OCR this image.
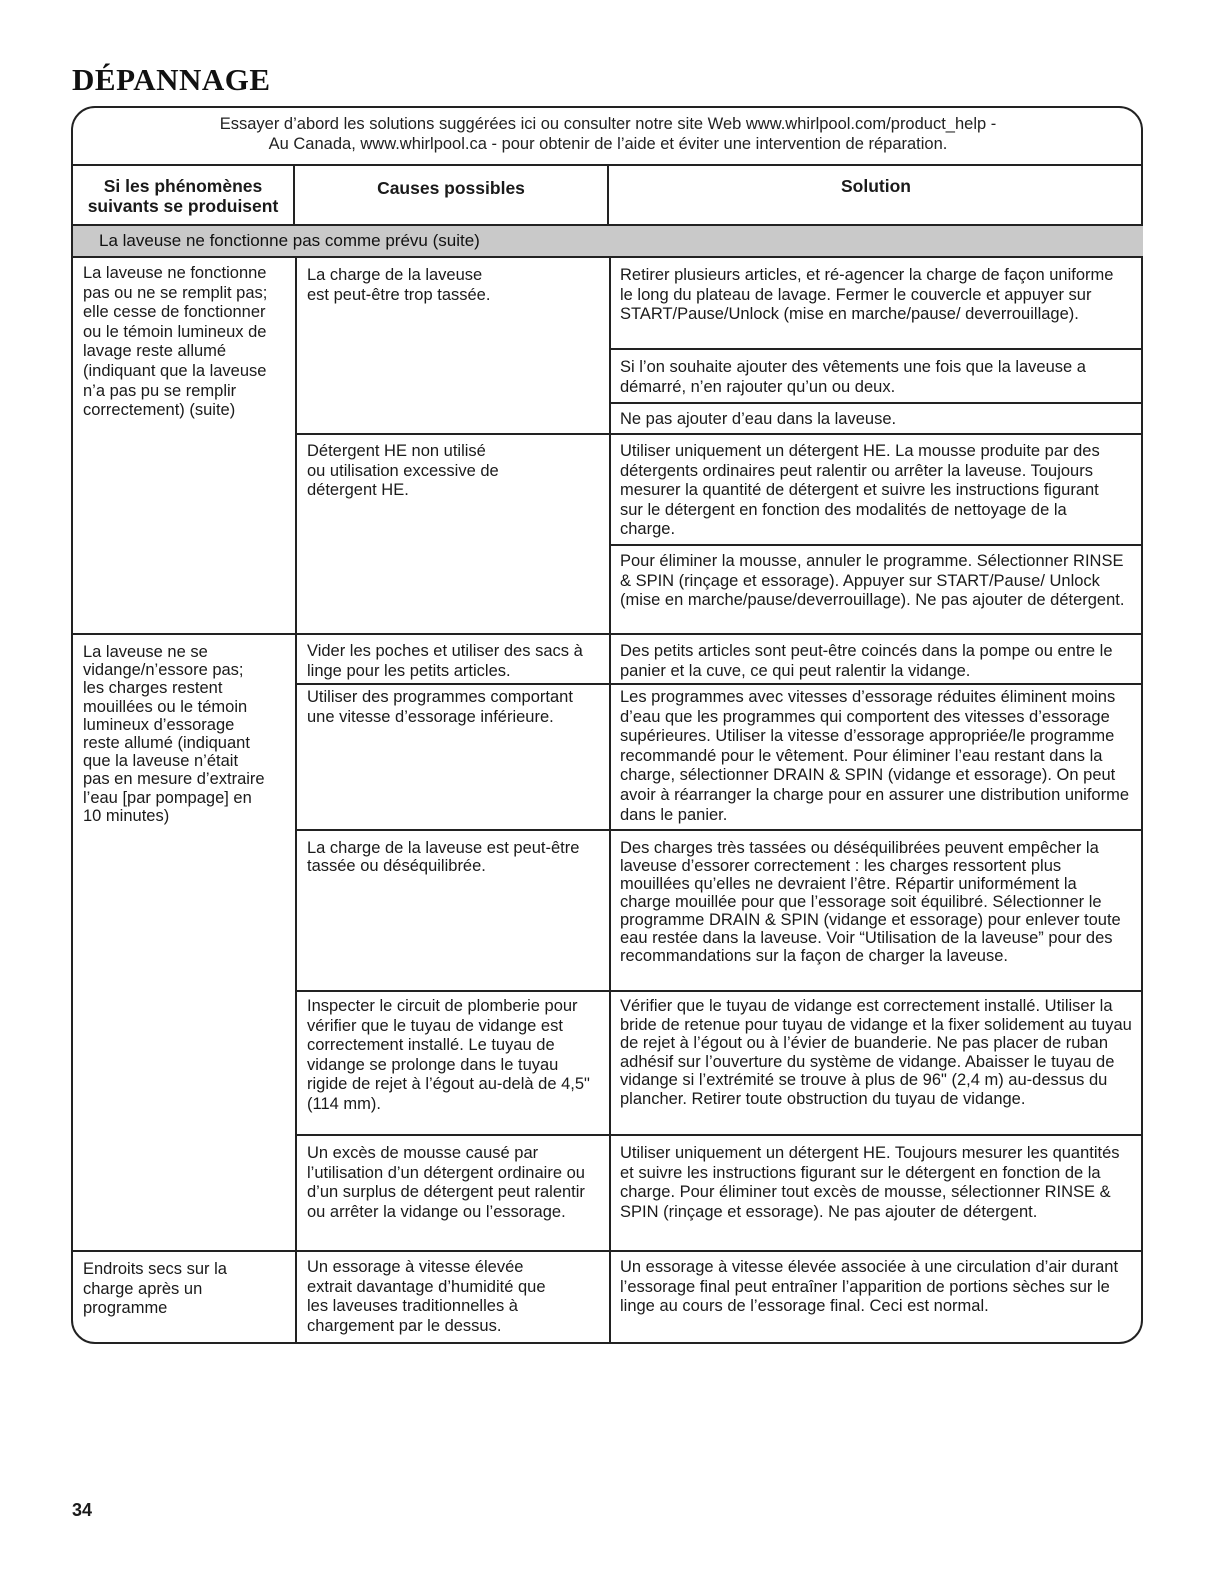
DÉPANNAGE
Essayer d’abord les solutions suggérées ici ou consulter notre site Web www.whirlpool.com/product_help -
Au Canada, www.whirlpool.ca - pour obtenir de l’aide et éviter une intervention de réparation.
Si les phénomènes suivants se produisent
Causes possibles	Solution
La laveuse ne fonctionne pas comme prévu (suite)
La laveuse ne fonctionne pas ou ne se remplit pas; elle cesse de fonctionner ou le témoin lumineux de lavage reste allumé (indiquant que la laveuse n’a pas pu se remplir correctement) (suite)
La charge de la laveuse est peut-être trop tassée.
Retirer plusieurs articles, et ré-agencer la charge de façon uniforme le long du plateau de lavage. Fermer le couvercle et appuyer sur START/Pause/Unlock (mise en marche/pause/ deverrouillage).
Si l’on souhaite ajouter des vêtements une fois que la laveuse a démarré, n’en rajouter qu’un ou deux.
Ne pas ajouter d’eau dans la laveuse.
Détergent HE non utilisé ou utilisation excessive de détergent HE.
Utiliser uniquement un détergent HE. La mousse produite par des détergents ordinaires peut ralentir ou arrêter la laveuse. Toujours mesurer la quantité de détergent et suivre les instructions figurant sur le détergent en fonction des modalités de nettoyage de la charge.
Pour éliminer la mousse, annuler le programme. Sélectionner RINSE & SPIN (rinçage et essorage). Appuyer sur START/Pause/ Unlock (mise en marche/pause/deverrouillage). Ne pas ajouter de détergent.
La laveuse ne se vidange/n’essore pas; les charges restent mouillées ou le témoin lumineux d’essorage reste allumé (indiquant que la laveuse n’était pas en mesure d’extraire l’eau [par pompage] en 10 minutes)
Vider les poches et utiliser des sacs à linge pour les petits articles.
Des petits articles sont peut-être coincés dans la pompe ou entre le panier et la cuve, ce qui peut ralentir la vidange.
Utiliser des programmes comportant une vitesse d’essorage inférieure.
Les programmes avec vitesses d’essorage réduites éliminent moins d’eau que les programmes qui comportent des vitesses d’essorage supérieures. Utiliser la vitesse d’essorage appropriée/le programme recommandé pour le vêtement. Pour éliminer l’eau restant dans la charge, sélectionner DRAIN & SPIN (vidange et essorage). On peut avoir à réarranger la charge pour en assurer une distribution uniforme dans le panier.
La charge de la laveuse est peut-être tassée ou déséquilibrée.
Des charges très tassées ou déséquilibrées peuvent empêcher la laveuse d’essorer correctement : les charges ressortent plus mouillées qu’elles ne devraient l’être. Répartir uniformément la charge mouillée pour que l’essorage soit équilibré. Sélectionner le programme DRAIN & SPIN (vidange et essorage) pour enlever toute eau restée dans la laveuse. Voir “Utilisation de la laveuse” pour des recommandations sur la façon de charger la laveuse.
Inspecter le circuit de plomberie pour vérifier que le tuyau de vidange est correctement installé. Le tuyau de vidange se prolonge dans le tuyau rigide de rejet à l’égout au-delà de 4,5" (114 mm).
Vérifier que le tuyau de vidange est correctement installé. Utiliser la bride de retenue pour tuyau de vidange et la fixer solidement au tuyau de rejet à l’égout ou à l’évier de buanderie. Ne pas placer de ruban adhésif sur l’ouverture du système de vidange. Abaisser le tuyau de vidange si l’extrémité se trouve à plus de 96" (2,4 m) au-dessus du plancher. Retirer toute obstruction du tuyau de vidange.
Un excès de mousse causé par l’utilisation d’un détergent ordinaire ou d’un surplus de détergent peut ralentir ou arrêter la vidange ou l’essorage.
Utiliser uniquement un détergent HE. Toujours mesurer les quantités et suivre les instructions figurant sur le détergent en fonction de la charge. Pour éliminer tout excès de mousse, sélectionner RINSE & SPIN (rinçage et essorage). Ne pas ajouter de détergent.
Endroits secs sur la charge après un programme
Un essorage à vitesse élevée extrait davantage d’humidité que les laveuses traditionnelles à chargement par le dessus.
Un essorage à vitesse élevée associée à une circulation d’air durant l’essorage final peut entraîner l’apparition de portions sèches sur le linge au cours de l’essorage final. Ceci est normal.
34
